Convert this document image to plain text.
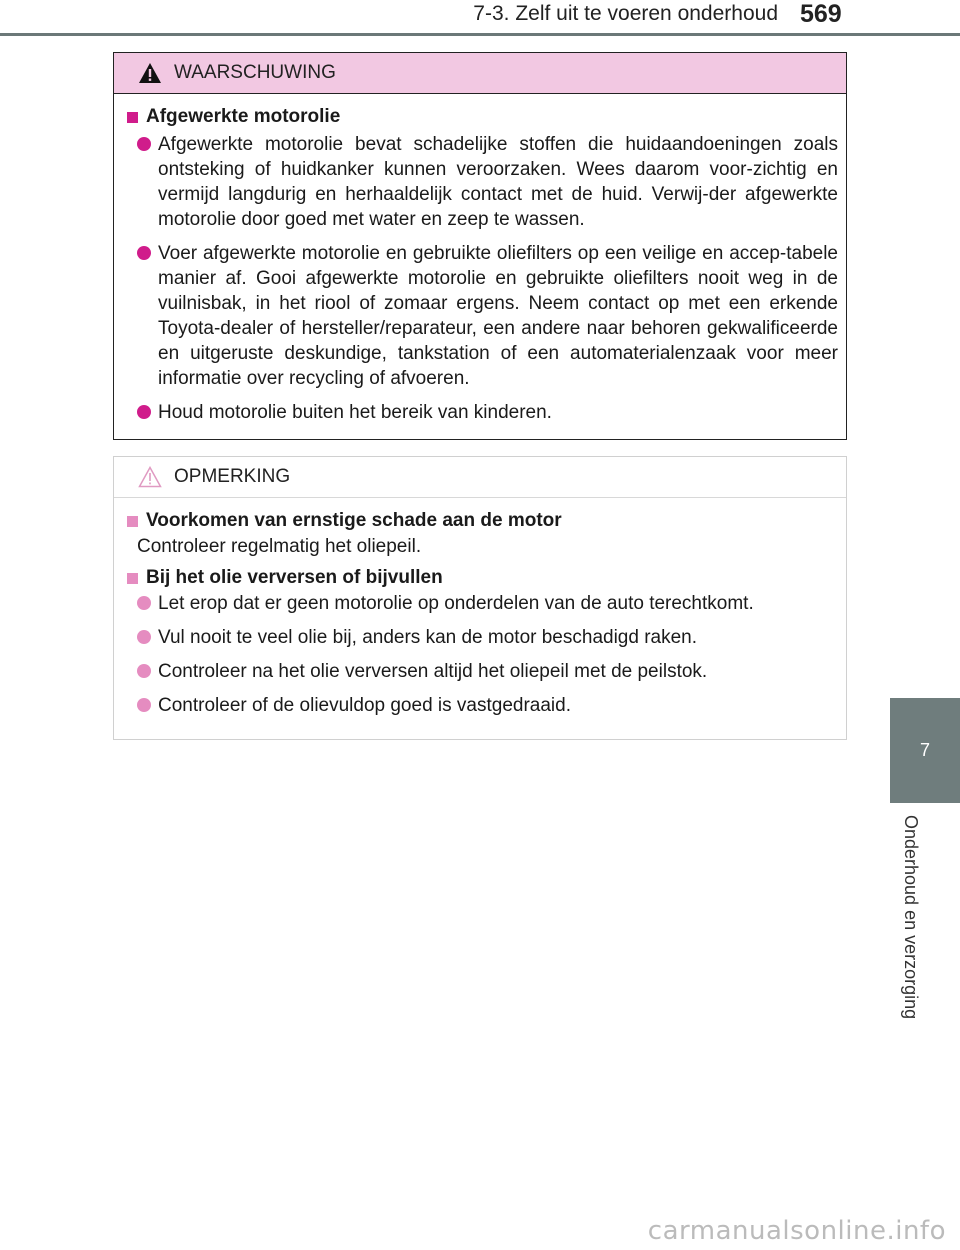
7-3. Zelf uit te voeren onderhoud 569
7
Onderhoud en verzorging
WAARSCHUWING
Afgewerkte motorolie
Afgewerkte motorolie bevat schadelijke stoffen die huidaandoeningen zoals ontsteking of huidkanker kunnen veroorzaken. Wees daarom voor-zichtig en vermijd langdurig en herhaaldelijk contact met de huid. Verwij-der afgewerkte motorolie door goed met water en zeep te wassen.
Voer afgewerkte motorolie en gebruikte oliefilters op een veilige en accep-tabele manier af. Gooi afgewerkte motorolie en gebruikte oliefilters nooit weg in de vuilnisbak, in het riool of zomaar ergens. Neem contact op met een erkende Toyota-dealer of hersteller/reparateur, een andere naar behoren gekwalificeerde en uitgeruste deskundige, tankstation of een automaterialenzaak voor meer informatie over recycling of afvoeren.
Houd motorolie buiten het bereik van kinderen.
OPMERKING
Voorkomen van ernstige schade aan de motor
Controleer regelmatig het oliepeil.
Bij het olie verversen of bijvullen
Let erop dat er geen motorolie op onderdelen van de auto terechtkomt.
Vul nooit te veel olie bij, anders kan de motor beschadigd raken.
Controleer na het olie verversen altijd het oliepeil met de peilstok.
Controleer of de olievuldop goed is vastgedraaid.
carmanualsonline.info
